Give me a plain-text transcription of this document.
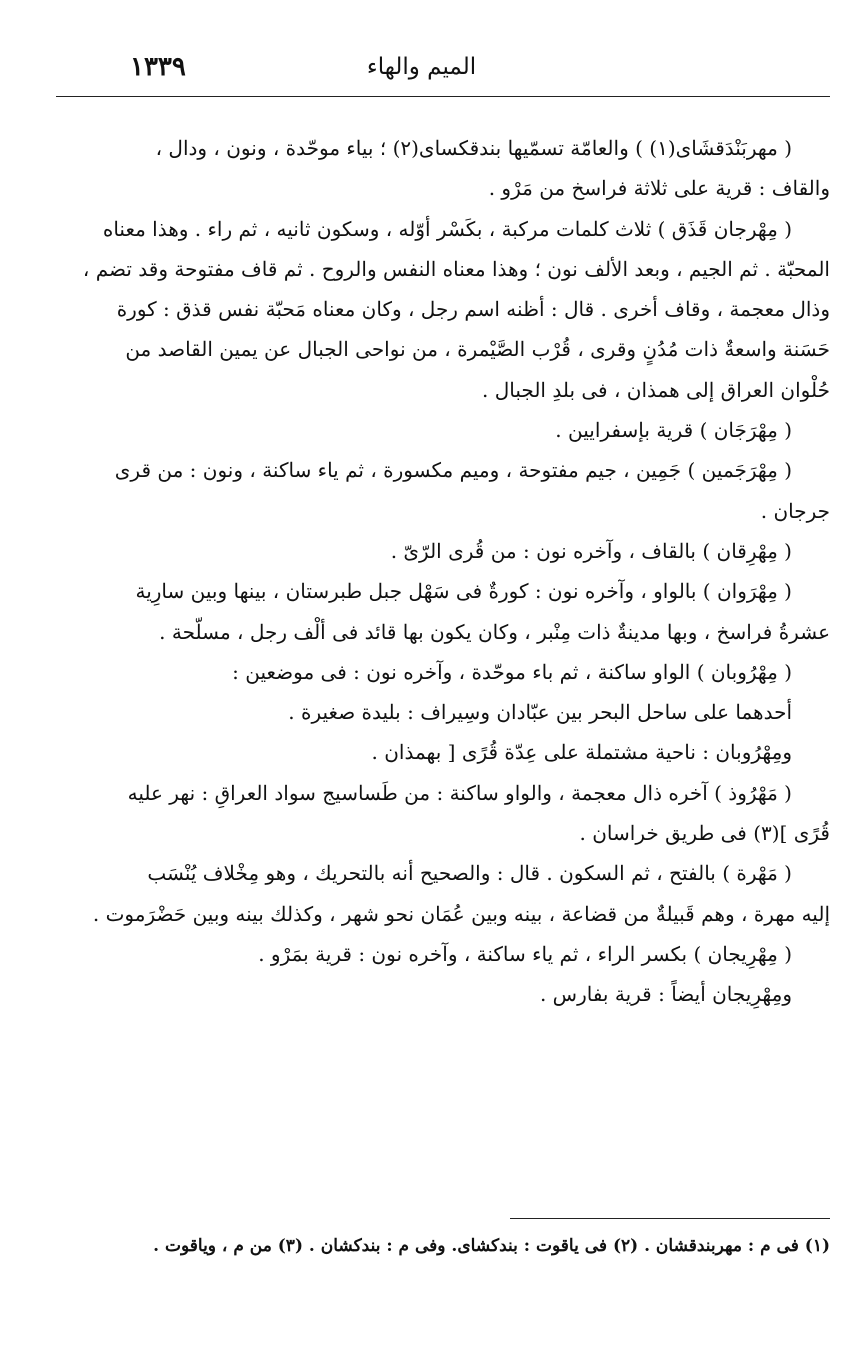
١٣٣٩	الميم والهاء
( مهربَنْدَقشَاى(١) ) والعامّة تسمّيها بندقكساى(٢) ؛ بياء موحّدة ، ونون ، ودال ،
والقاف : قرية على ثلاثة فراسخ من مَرْو .
( مِهْرجان قَذَق ) ثلاث كلمات مركبة ، بكَسْر أوّله ، وسكون ثانيه ، ثم راء . وهذا معناه
المحبّة . ثم الجيم ، وبعد الألف نون ؛ وهذا معناه النفس والروح . ثم قاف مفتوحة وقد تضم ،
وذال معجمة ، وقاف أخرى . قال : أظنه اسم رجل ، وكان معناه مَحبّة نفس قذق : كورة
حَسَنة واسعةٌ ذات مُدُنٍ وقرى ، قُرْب الصَّيْمرة ، من نواحى الجبال عن يمين القاصد من
حُلْوان العراق إلى همذان ، فى بلدِ الجبال .
( مِهْرَجَان ) قرية بإسفرايين .
( مِهْرَجَمين ) جَمِين ، جيم مفتوحة ، وميم مكسورة ، ثم ياء ساكنة ، ونون : من قرى
جرجان .
( مِهْرِقان ) بالقاف ، وآخره نون : من قُرى الرّىّ .
( مِهْرَوان ) بالواو ، وآخره نون : كورةٌ فى سَهْل جبل طبرستان ، بينها وبين سارِية
عشرةُ فراسخ ، وبها مدينةٌ ذات مِنْبر ، وكان يكون بها قائد فى ألْف رجل ، مسلّحة .
( مِهْرُوبان ) الواو ساكنة ، ثم باء موحّدة ، وآخره نون : فى موضعين :
أحدهما على ساحل البحر بين عبّادان وسِيراف : بليدة صغيرة .
ومِهْرُوبان : ناحية مشتملة على عِدّة قُرًى [ بهمذان .
( مَهْرُوذ ) آخره ذال معجمة ، والواو ساكنة : من طَساسيج سواد العراقِ : نهر عليه
قُرًى ](٣) فى طريق خراسان .
( مَهْرة ) بالفتح ، ثم السكون . قال : والصحيح أنه بالتحريك ، وهو مِخْلاف يُنْسَب
إليه مهرة ، وهم قَبيلةٌ من قضاعة ، بينه وبين عُمَان نحو شهر ، وكذلك بينه وبين حَضْرَموت .
( مِهْرِيجان ) بكسر الراء ، ثم ياء ساكنة ، وآخره نون : قرية بمَرْو .
ومِهْرِيجان أيضاً : قرية بفارس .
(١) فى م : مهربندقشان . (٢) فى ياقوت : بندكشاى. وفى م : بندكشان . (٣) من م ، وياقوت .
